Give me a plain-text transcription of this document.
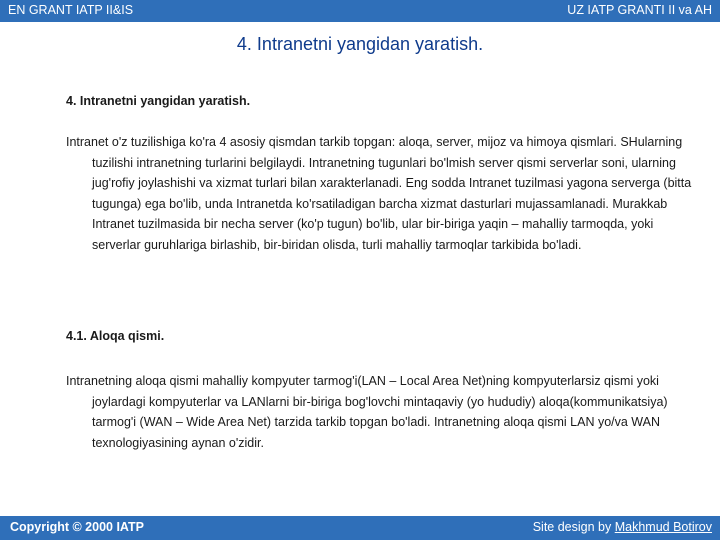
EN GRANT IATP II&IS	UZ IATP GRANTI II va AH
4. Intranetni yangidan yaratish.
4. Intranetni yangidan yaratish.
Intranet o'z tuzilishiga ko'ra 4 asosiy qismdan tarkib topgan: aloqa, server, mijoz va himoya qismlari. SHularning tuzilishi intranetning turlarini belgilaydi. Intranetning tugunlari bo'lmish server qismi serverlar soni, ularning jug'rofiy joylashishi va xizmat turlari bilan xarakterlanadi. Eng sodda Intranet tuzilmasi yagona serverga (bitta tugunga) ega bo'lib, unda Intranetda ko'rsatiladigan barcha xizmat dasturlari mujassamlanadi. Murakkab Intranet tuzilmasida bir necha server (ko'p tugun) bo'lib, ular bir-biriga yaqin – mahalliy tarmoqda, yoki serverlar guruhlariga birlashib, bir-biridan olisda, turli mahalliy tarmoqlar tarkibida bo'ladi.
4.1. Aloqa qismi.
Intranetning aloqa qismi mahalliy kompyuter tarmog'i(LAN – Local Area Net)ning kompyuterlarsiz qismi yoki joylardagi kompyuterlar va LANlarni bir-biriga bog'lovchi mintaqaviy (yo hududiy) aloqa(kommunikatsiya) tarmog'i (WAN – Wide Area Net) tarzida tarkib topgan bo'ladi. Intranetning aloqa qismi LAN yo/va WAN texnologiyasining aynan o'zidir.
Copyright © 2000 IATP	Site design by Makhmud Botirov
